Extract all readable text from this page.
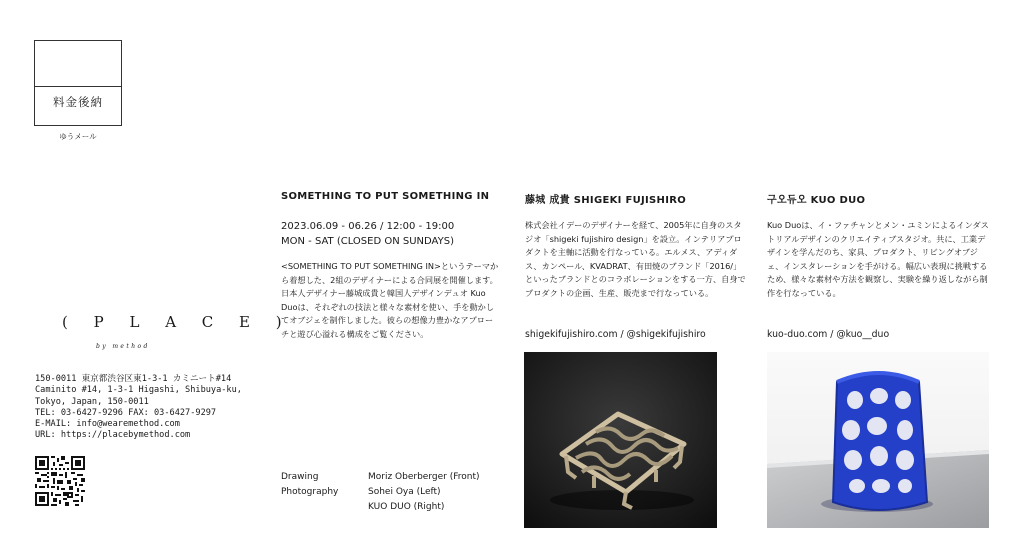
料金後納
ゆうメール
( P L A C E )
by method
150-0011 東京都渋谷区東1-3-1 カミニート#14
Caminito #14, 1-3-1 Higashi, Shibuya-ku,
Tokyo, Japan, 150-0011
TEL: 03-6427-9296 FAX: 03-6427-9297
E-MAIL: info@wearemethod.com
URL: https://placebymethod.com
SOMETHING TO PUT SOMETHING IN
2023.06.09 - 06.26 / 12:00 - 19:00
MON - SAT (CLOSED ON SUNDAYS)
<SOMETHING TO PUT SOMETHING IN>というテーマから着想した、2組のデザイナーによる合同展を開催します。日本人デザイナー藤城成貴と韓国人デザインデュオ Kuo Duoは、それぞれの技法と様々な素材を使い、手を動かしてオブジェを制作しました。彼らの想像力豊かなアプローチと遊び心溢れる構成をご覧ください。
Drawing
Photography
Moriz Oberberger (Front)
Sohei Oya (Left)
KUO DUO (Right)
藤城 成貴 SHIGEKI FUJISHIRO
株式会社イデーのデザイナーを経て、2005年に自身のスタジオ「shigeki fujishiro design」を設立。インテリアプロダクトを主軸に活動を行なっている。エルメス、アディダス、カンペール、KVADRAT、有田焼のブランド「2016/」といったブランドとのコラボレーションをする一方、自身でプロダクトの企画、生産、販売まで行なっている。
shigekifujishiro.com / @shigekifujishiro
구오듀오 KUO DUO
Kuo Duoは、イ・ファチャンとメン・ユミンによるインダストリアルデザインのクリエイティブスタジオ。共に、工業デザインを学んだのち、家具、プロダクト、リビングオブジェ、インスタレーションを手がける。幅広い表現に挑戦するため、様々な素材や方法を観察し、実験を繰り返しながら制作を行なっている。
kuo-duo.com / @kuo__duo
